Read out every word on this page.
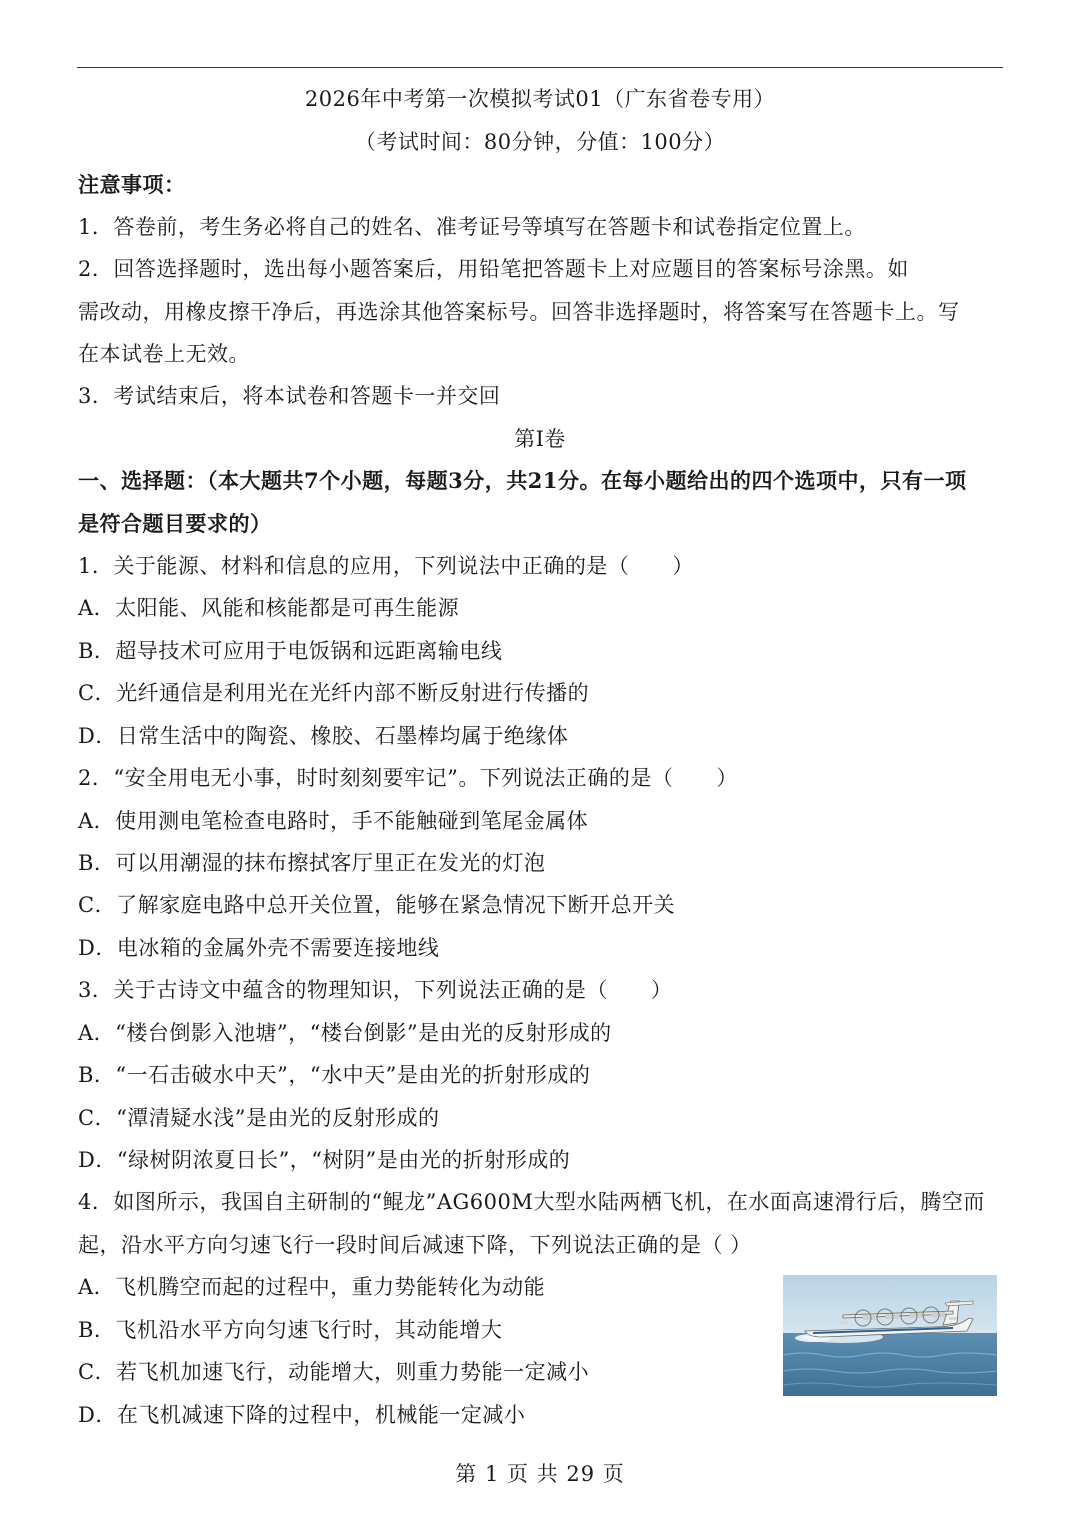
2026年中考第一次模拟考试01（广东省卷专用）
（考试时间：80分钟，分值：100分）
注意事项：
1．答卷前，考生务必将自己的姓名、准考证号等填写在答题卡和试卷指定位置上。
2．回答选择题时，选出每小题答案后，用铅笔把答题卡上对应题目的答案标号涂黑。如
需改动，用橡皮擦干净后，再选涂其他答案标号。回答非选择题时，将答案写在答题卡上。写
在本试卷上无效。
3．考试结束后，将本试卷和答题卡一并交回
第Ⅰ卷
一、选择题：（本大题共7个小题，每题3分，共21分。在每小题给出的四个选项中，只有一项
是符合题目要求的）
1．关于能源、材料和信息的应用，下列说法中正确的是（　　）
A．太阳能、风能和核能都是可再生能源
B．超导技术可应用于电饭锅和远距离输电线
C．光纤通信是利用光在光纤内部不断反射进行传播的
D．日常生活中的陶瓷、橡胶、石墨棒均属于绝缘体
2．“安全用电无小事，时时刻刻要牢记”。下列说法正确的是（　　）
A．使用测电笔检查电路时，手不能触碰到笔尾金属体
B．可以用潮湿的抹布擦拭客厅里正在发光的灯泡
C．了解家庭电路中总开关位置，能够在紧急情况下断开总开关
D．电冰箱的金属外壳不需要连接地线
3．关于古诗文中蕴含的物理知识，下列说法正确的是（　　）
A．“楼台倒影入池塘”，“楼台倒影”是由光的反射形成的
B．“一石击破水中天”，“水中天”是由光的折射形成的
C．“潭清疑水浅”是由光的反射形成的
D．“绿树阴浓夏日长”，“树阴”是由光的折射形成的
4．如图所示，我国自主研制的“鲲龙”AG600M大型水陆两栖飞机，在水面高速滑行后，腾空而
起，沿水平方向匀速飞行一段时间后减速下降，下列说法正确的是（ ）
A．飞机腾空而起的过程中，重力势能转化为动能
B．飞机沿水平方向匀速飞行时，其动能增大
C．若飞机加速飞行，动能增大，则重力势能一定减小
D．在飞机减速下降的过程中，机械能一定减小
第 1 页 共 29 页
